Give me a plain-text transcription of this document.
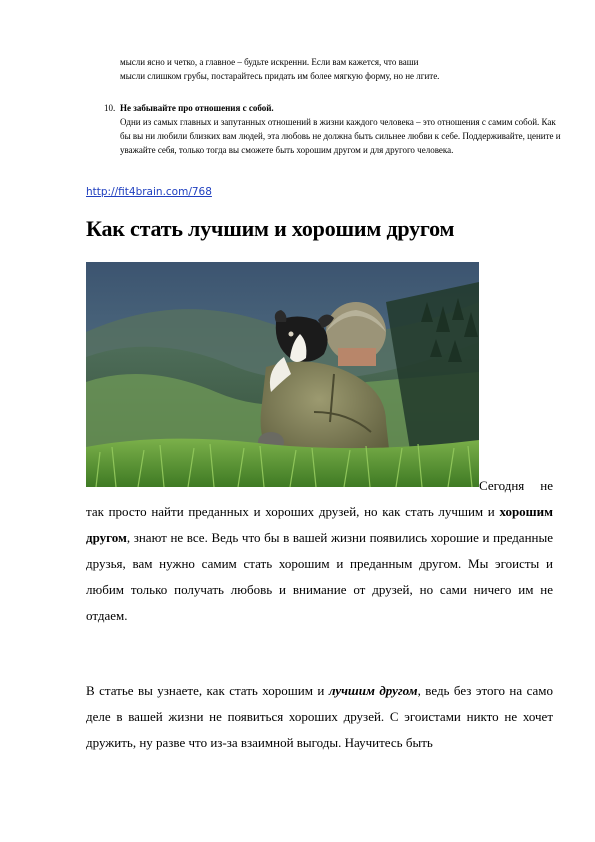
мысли ясно и четко, а главное – будьте искренни. Если вам кажется, что ваши

мысли слишком грубы, постарайтесь придать им более мягкую форму, но не лгите.

10. Не забывайте про отношения с собой.

Одни из самых главных и запутанных отношений в жизни каждого человека – это отношения с самим собой. Как бы вы ни любили близких вам людей, эта любовь не должна быть сильнее любви к себе. Поддерживайте, цените и уважайте себя, только тогда вы сможете быть хорошим другом и для другого человека.

http://fit4brain.com/768
Как стать лучшим и хорошим другом
Сегодня не
так просто найти преданных и хороших друзей, но как стать лучшим и хорошим другом, знают не все. Ведь что бы в вашей жизни появились хорошие и преданные друзья, вам нужно самим стать хорошим и преданным другом. Мы эгоисты и любим только получать любовь и внимание от друзей, но сами ничего им не отдаем.
В статье вы узнаете, как стать хорошим и лучшим другом, ведь без этого на само деле в вашей жизни не появиться хороших друзей. С эгоистами никто не хочет дружить, ну разве что из-за взаимной выгоды. Научитесь быть
